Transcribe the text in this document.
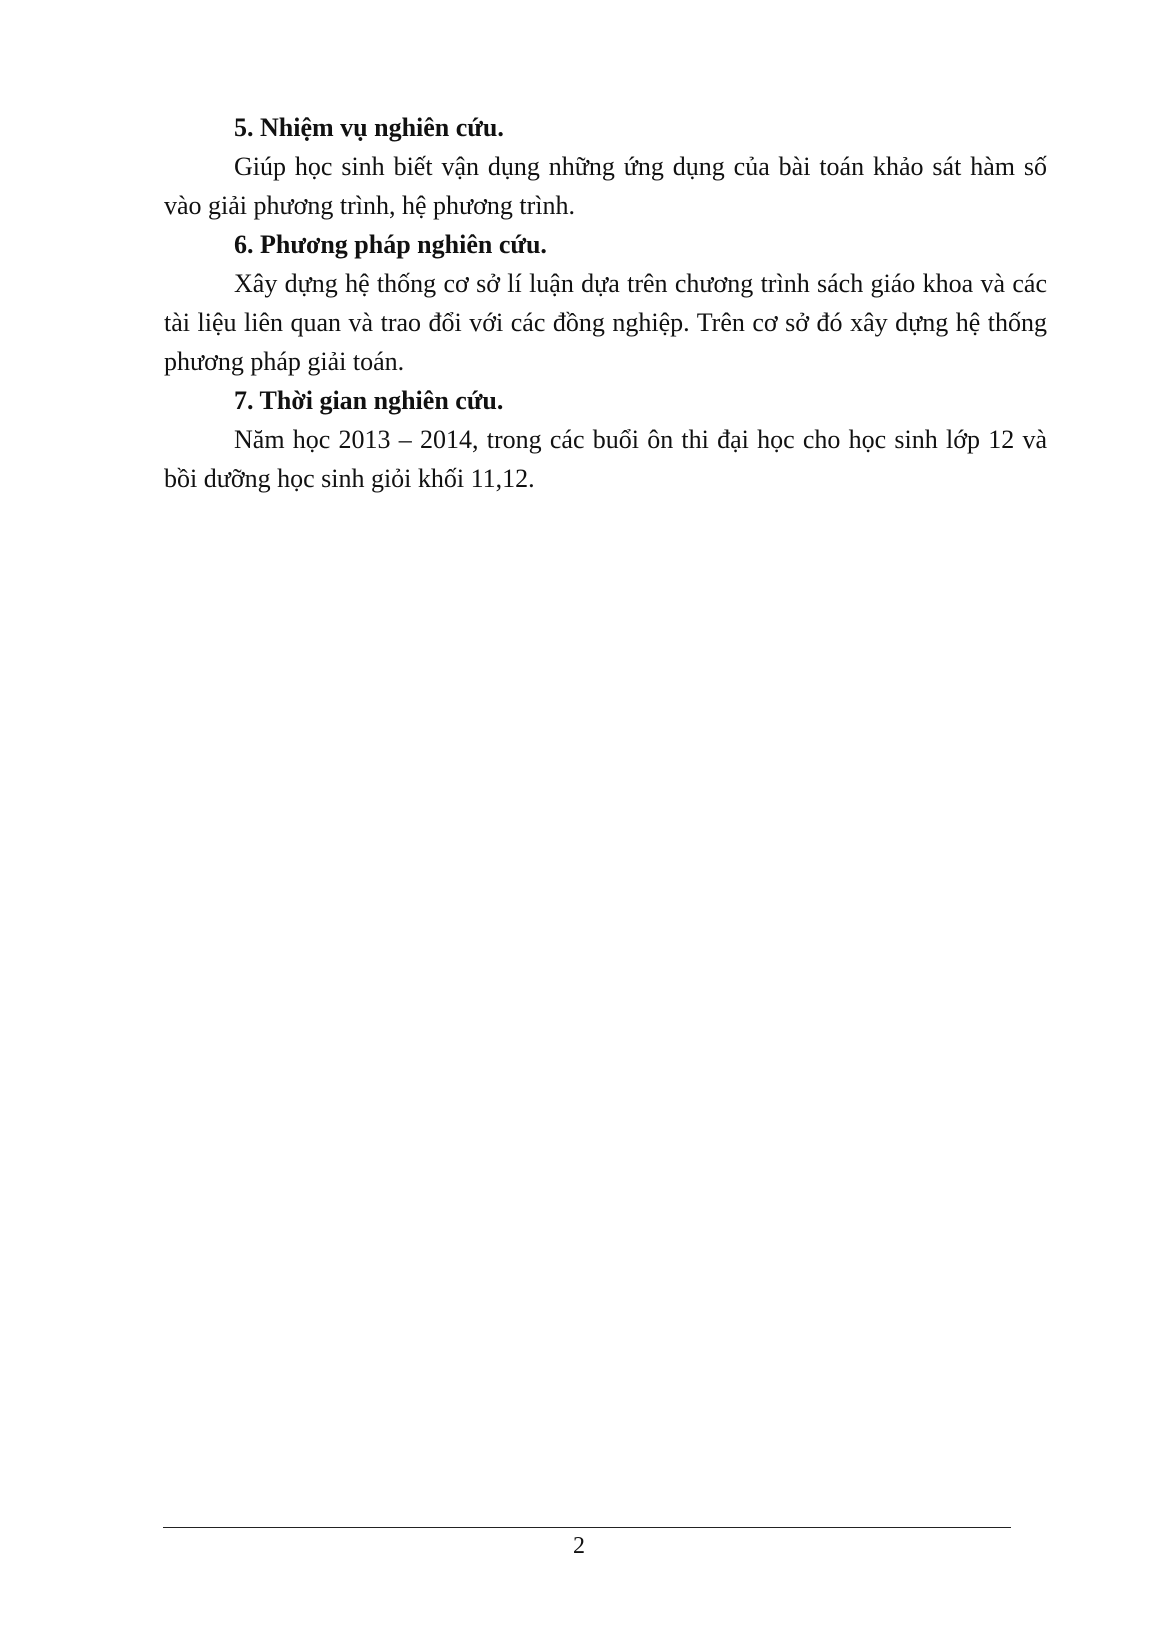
5. Nhiệm vụ nghiên cứu.

Giúp học sinh biết vận dụng những ứng dụng của bài toán khảo sát hàm số vào giải phương trình, hệ phương trình.

6. Phương pháp nghiên cứu.

Xây dựng hệ thống cơ sở lí luận dựa trên chương trình sách giáo khoa và các tài liệu liên quan và trao đổi với các đồng nghiệp. Trên cơ sở đó xây dựng hệ thống phương pháp giải toán.

7. Thời gian nghiên cứu.

Năm học 2013 – 2014, trong các buổi ôn thi đại học cho học sinh lớp 12 và bồi dưỡng học sinh giỏi khối 11,12.

2
